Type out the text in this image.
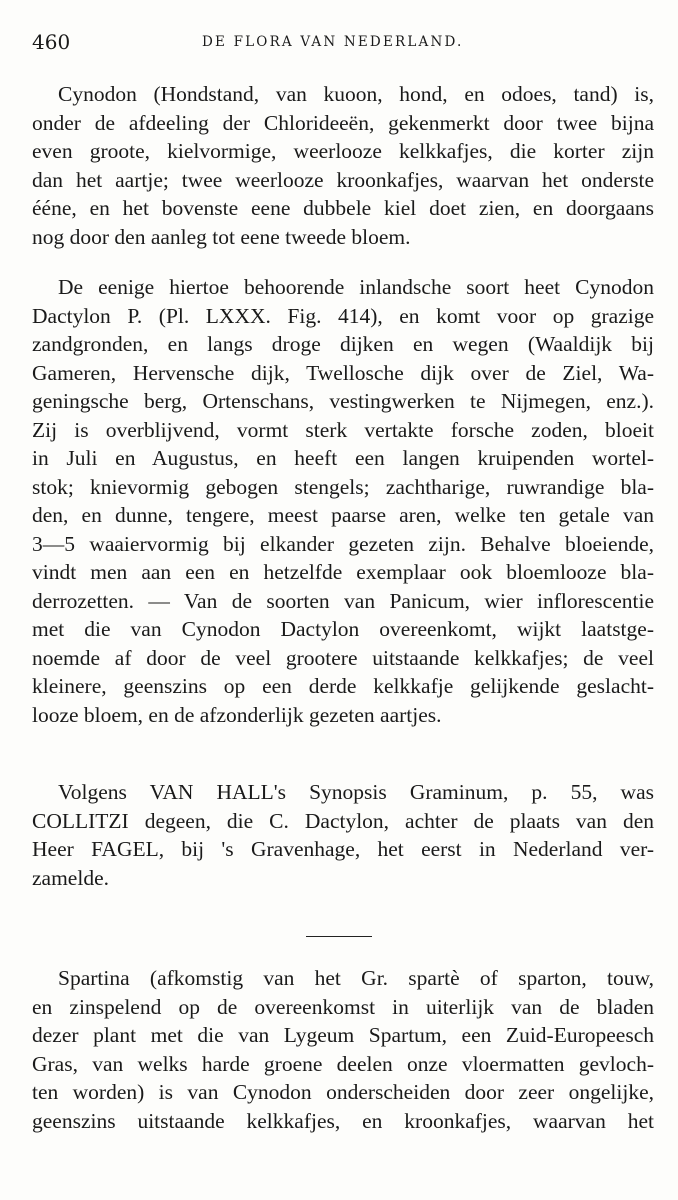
460	DE FLORA VAN NEDERLAND.
Cynodon (Hondstand, van kuoon, hond, en odoes, tand) is,
onder de afdeeling der Chlorideeën, gekenmerkt door twee bijna
even groote, kielvormige, weerlooze kelkkafjes, die korter zijn
dan het aartje; twee weerlooze kroonkafjes, waarvan het onderste
éénе, en het bovenste eene dubbele kiel doet zien, en doorgaans
nog door den aanleg tot eene tweede bloem.
De eenige hiertoe behoorende inlandsche soort heet Cynodon
Dactylon P. (Pl. LXXX. Fig. 414), en komt voor op grazige
zandgronden, en langs droge dijken en wegen (Waaldijk bij
Gameren, Hervensche dijk, Twellosche dijk over de Ziel, Wa-
geningsche berg, Ortenschans, vestingwerken te Nijmegen, enz.).
Zij is overblijvend, vormt sterk vertakte forsche zoden, bloeit
in Juli en Augustus, en heeft een langen kruipenden wortel-
stok; knievormig gebogen stengels; zachtharige, ruwrandige bla-
den, en dunne, tengere, meest paarse aren, welke ten getale van
3—5 waaiervormig bij elkander gezeten zijn. Behalve bloeiende,
vindt men aan een en hetzelfde exemplaar ook bloemlooze bla-
derrozetten. — Van de soorten van Panicum, wier inflorescentie
met die van Cynodon Dactylon overeenkomt, wijkt laatstge-
noemde af door de veel grootere uitstaande kelkkafjes; de veel
kleinere, geenszins op een derde kelkkafje gelijkende geslacht-
looze bloem, en de afzonderlijk gezeten aartjes.
Volgens VAN HALL's Synopsis Graminum, p. 55, was
COLLITZI degeen, die C. Dactylon, achter de plaats van den
Heer FAGEL, bij 's Gravenhage, het eerst in Nederland ver-
zamelde.
Spartina (afkomstig van het Gr. spartè of sparton, touw,
en zinspelend op de overeenkomst in uiterlijk van de bladen
dezer plant met die van Lygeum Spartum, een Zuid-Europeesch
Gras, van welks harde groene deelen onze vloermatten gevloch-
ten worden) is van Cynodon onderscheiden door zeer ongelijke,
geenszins uitstaande kelkkafjes, en kroonkafjes, waarvan het
